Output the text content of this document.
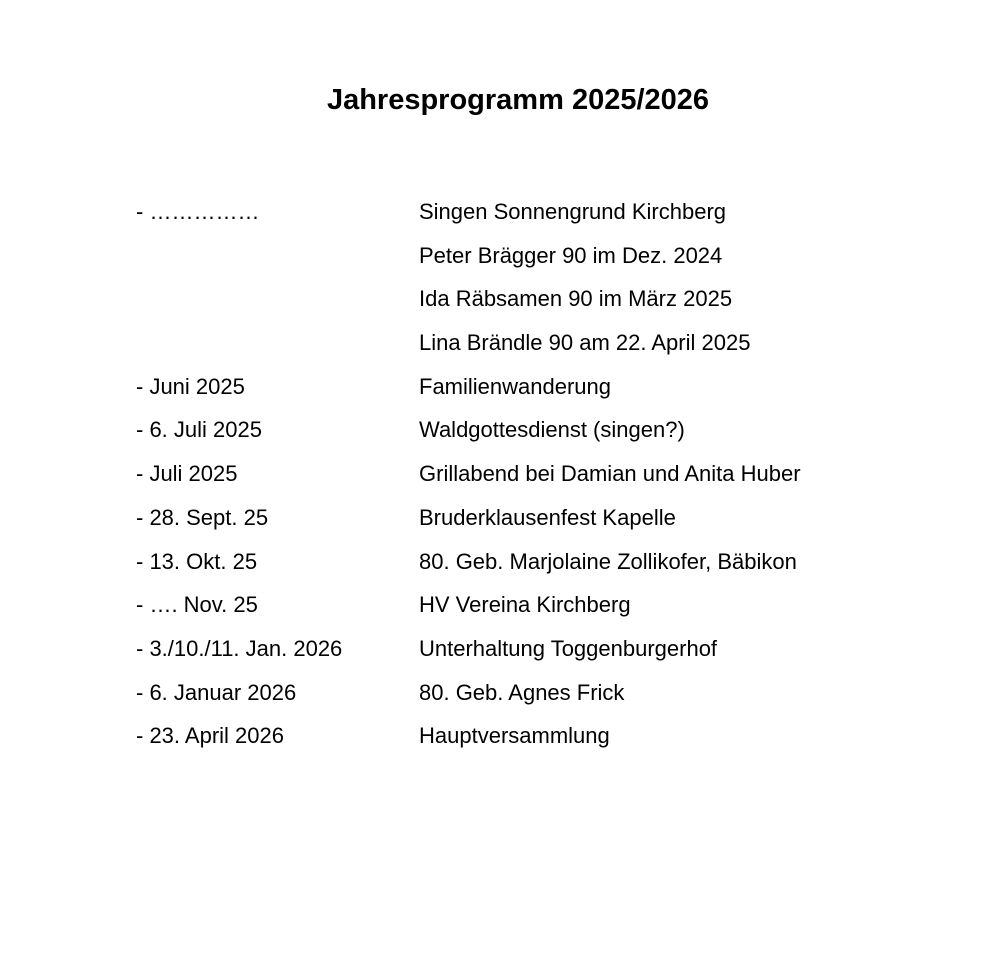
Jahresprogramm 2025/2026
- ……………	Singen Sonnengrund Kirchberg
Peter Brägger 90 im Dez. 2024
Ida Räbsamen 90 im März 2025
Lina Brändle 90 am 22. April 2025
- Juni 2025	Familienwanderung
- 6. Juli 2025	Waldgottesdienst (singen?)
- Juli 2025	Grillabend bei Damian und Anita Huber
- 28. Sept. 25	Bruderklausenfest Kapelle
- 13. Okt. 25	80. Geb. Marjolaine Zollikofer, Bäbikon
- …. Nov. 25	HV Vereina Kirchberg
- 3./10./11. Jan. 2026	Unterhaltung Toggenburgerhof
- 6. Januar 2026	80. Geb. Agnes Frick
- 23. April 2026	Hauptversammlung
